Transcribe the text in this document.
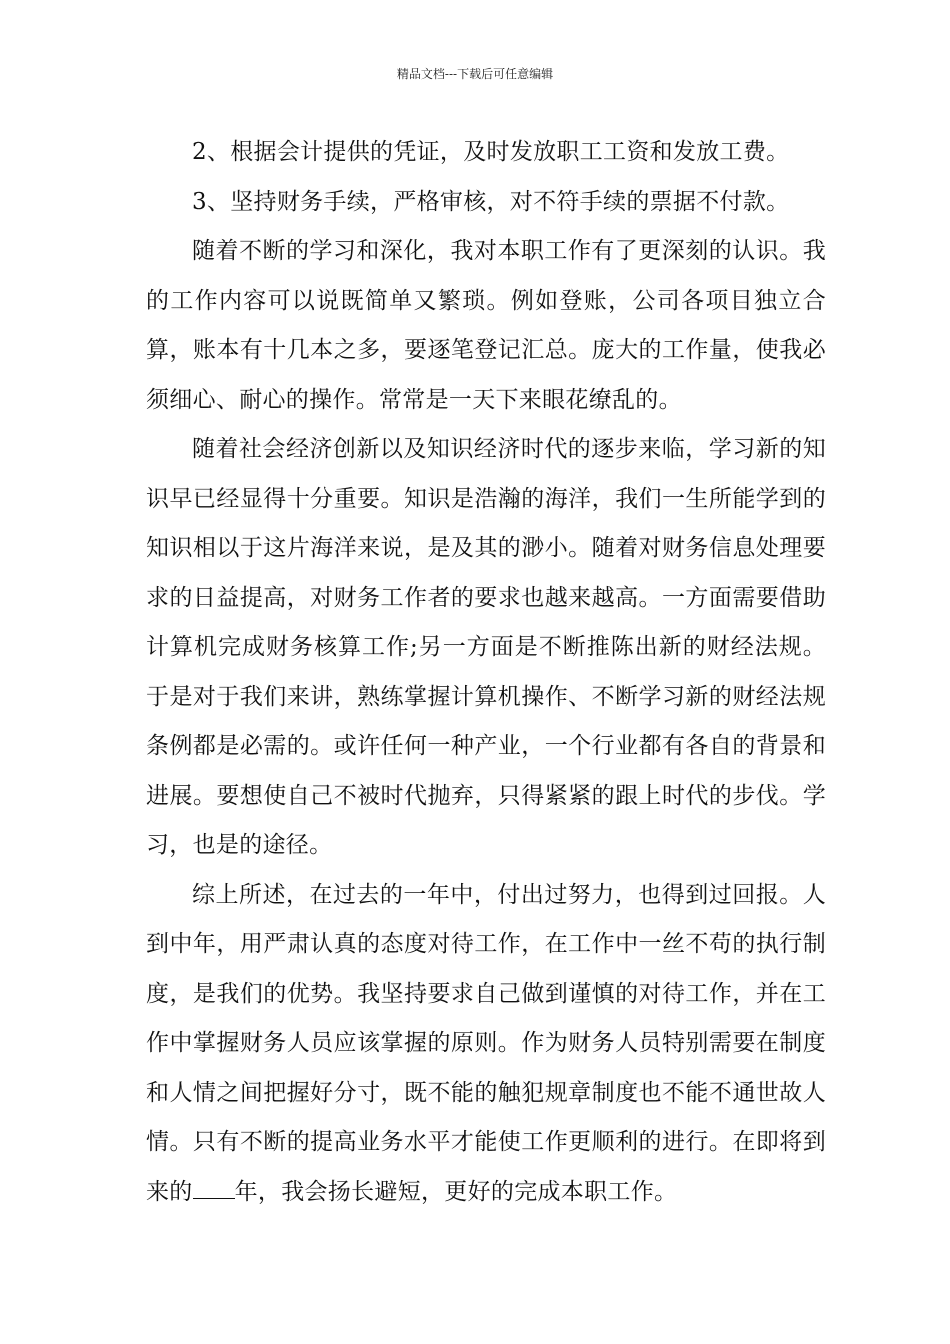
精品文档---下载后可任意编辑

2、根据会计提供的凭证，及时发放职工工资和发放工费。

3、坚持财务手续，严格审核，对不符手续的票据不付款。

随着不断的学习和深化，我对本职工作有了更深刻的认识。我的工作内容可以说既简单又繁琐。例如登账，公司各项目独立合算，账本有十几本之多，要逐笔登记汇总。庞大的工作量，使我必须细心、耐心的操作。常常是一天下来眼花缭乱的。

随着社会经济创新以及知识经济时代的逐步来临，学习新的知识早已经显得十分重要。知识是浩瀚的海洋，我们一生所能学到的知识相以于这片海洋来说，是及其的渺小。随着对财务信息处理要求的日益提高，对财务工作者的要求也越来越高。一方面需要借助计算机完成财务核算工作;另一方面是不断推陈出新的财经法规。于是对于我们来讲，熟练掌握计算机操作、不断学习新的财经法规条例都是必需的。或许任何一种产业，一个行业都有各自的背景和进展。要想使自己不被时代抛弃，只得紧紧的跟上时代的步伐。学习，也是的途径。

综上所述，在过去的一年中，付出过努力，也得到过回报。人到中年，用严肃认真的态度对待工作，在工作中一丝不苟的执行制度，是我们的优势。我坚持要求自己做到谨慎的对待工作，并在工作中掌握财务人员应该掌握的原则。作为财务人员特别需要在制度和人情之间把握好分寸，既不能的触犯规章制度也不能不通世故人情。只有不断的提高业务水平才能使工作更顺利的进行。在即将到来的 年，我会扬长避短，更好的完成本职工作。
